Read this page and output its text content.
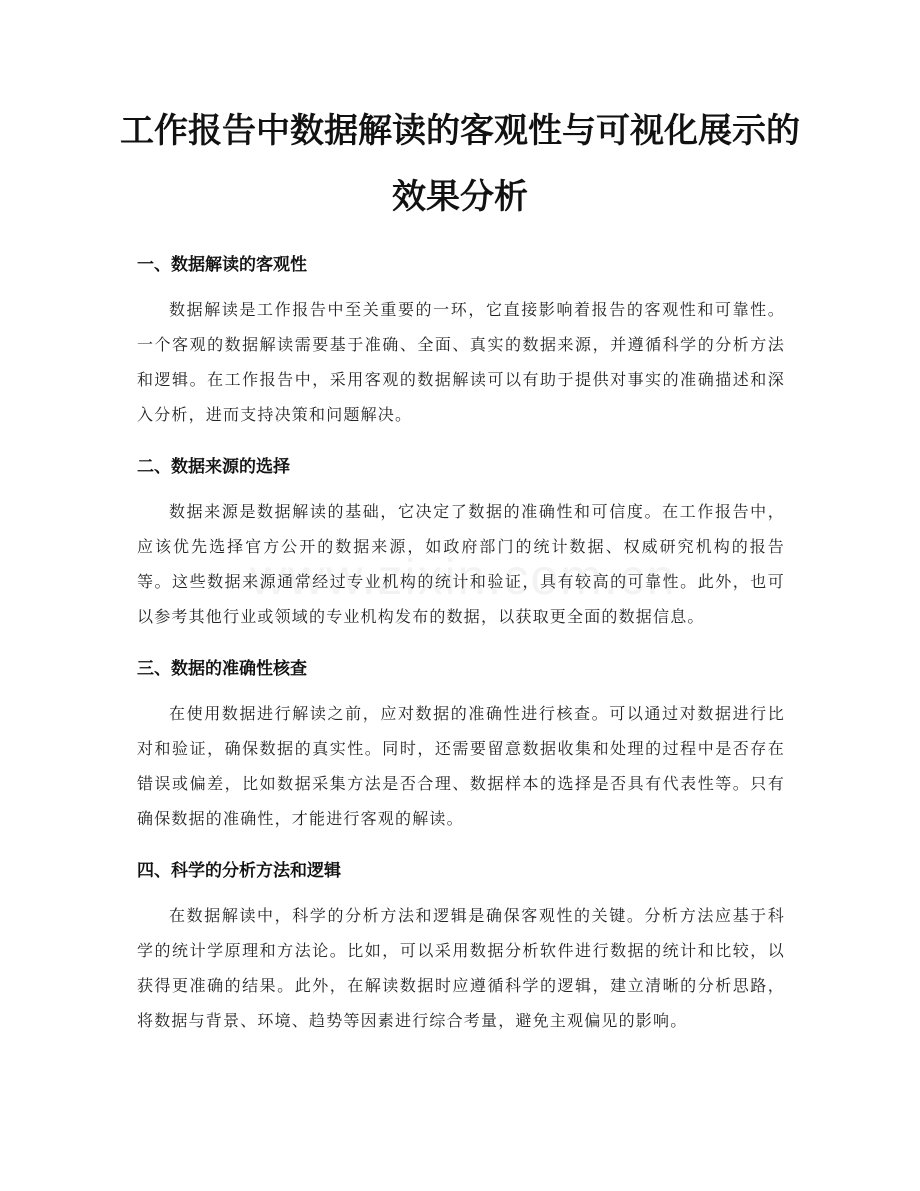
工作报告中数据解读的客观性与可视化展示的效果分析
一、数据解读的客观性

数据解读是工作报告中至关重要的一环，它直接影响着报告的客观性和可靠性。一个客观的数据解读需要基于准确、全面、真实的数据来源，并遵循科学的分析方法和逻辑。在工作报告中，采用客观的数据解读可以有助于提供对事实的准确描述和深入分析，进而支持决策和问题解决。

二、数据来源的选择

数据来源是数据解读的基础，它决定了数据的准确性和可信度。在工作报告中，应该优先选择官方公开的数据来源，如政府部门的统计数据、权威研究机构的报告等。这些数据来源通常经过专业机构的统计和验证，具有较高的可靠性。此外，也可以参考其他行业或领域的专业机构发布的数据，以获取更全面的数据信息。

三、数据的准确性核查

在使用数据进行解读之前，应对数据的准确性进行核查。可以通过对数据进行比对和验证，确保数据的真实性。同时，还需要留意数据收集和处理的过程中是否存在错误或偏差，比如数据采集方法是否合理、数据样本的选择是否具有代表性等。只有确保数据的准确性，才能进行客观的解读。

四、科学的分析方法和逻辑

在数据解读中，科学的分析方法和逻辑是确保客观性的关键。分析方法应基于科学的统计学原理和方法论。比如，可以采用数据分析软件进行数据的统计和比较，以获得更准确的结果。此外，在解读数据时应遵循科学的逻辑，建立清晰的分析思路，将数据与背景、环境、趋势等因素进行综合考量，避免主观偏见的影响。
